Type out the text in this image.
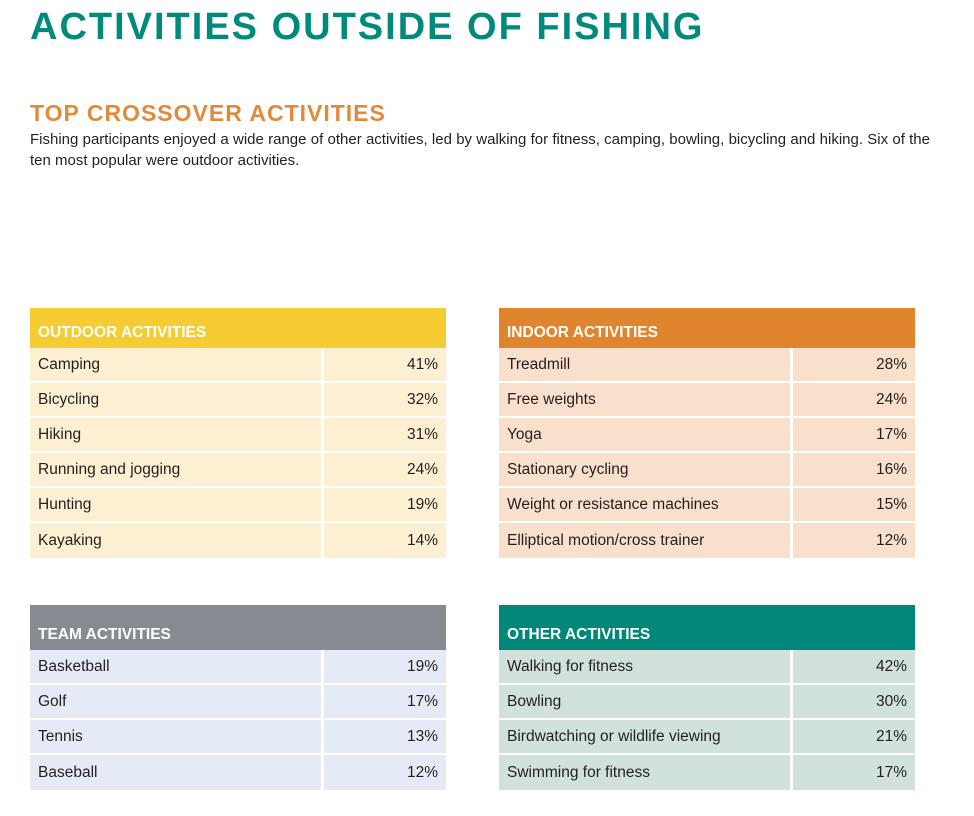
ACTIVITIES OUTSIDE OF FISHING
TOP CROSSOVER ACTIVITIES

Fishing participants enjoyed a wide range of other activities, led by walking for fitness, camping, bowling, bicycling and hiking. Six of the ten most popular were outdoor activities.

OUTDOOR ACTIVITIES
Camping	41%
Bicycling	32%
Hiking	31%
Running and jogging	24%
Hunting	19%
Kayaking	14%
INDOOR ACTIVITIES
Treadmill	28%
Free weights	24%
Yoga	17%
Stationary cycling	16%
Weight or resistance machines	15%
Elliptical motion/cross trainer	12%
TEAM ACTIVITIES
Basketball	19%
Golf	17%
Tennis	13%
Baseball	12%
OTHER ACTIVITIES
Walking for fitness	42%
Bowling	30%
Birdwatching or wildlife viewing	21%
Swimming for fitness	17%
